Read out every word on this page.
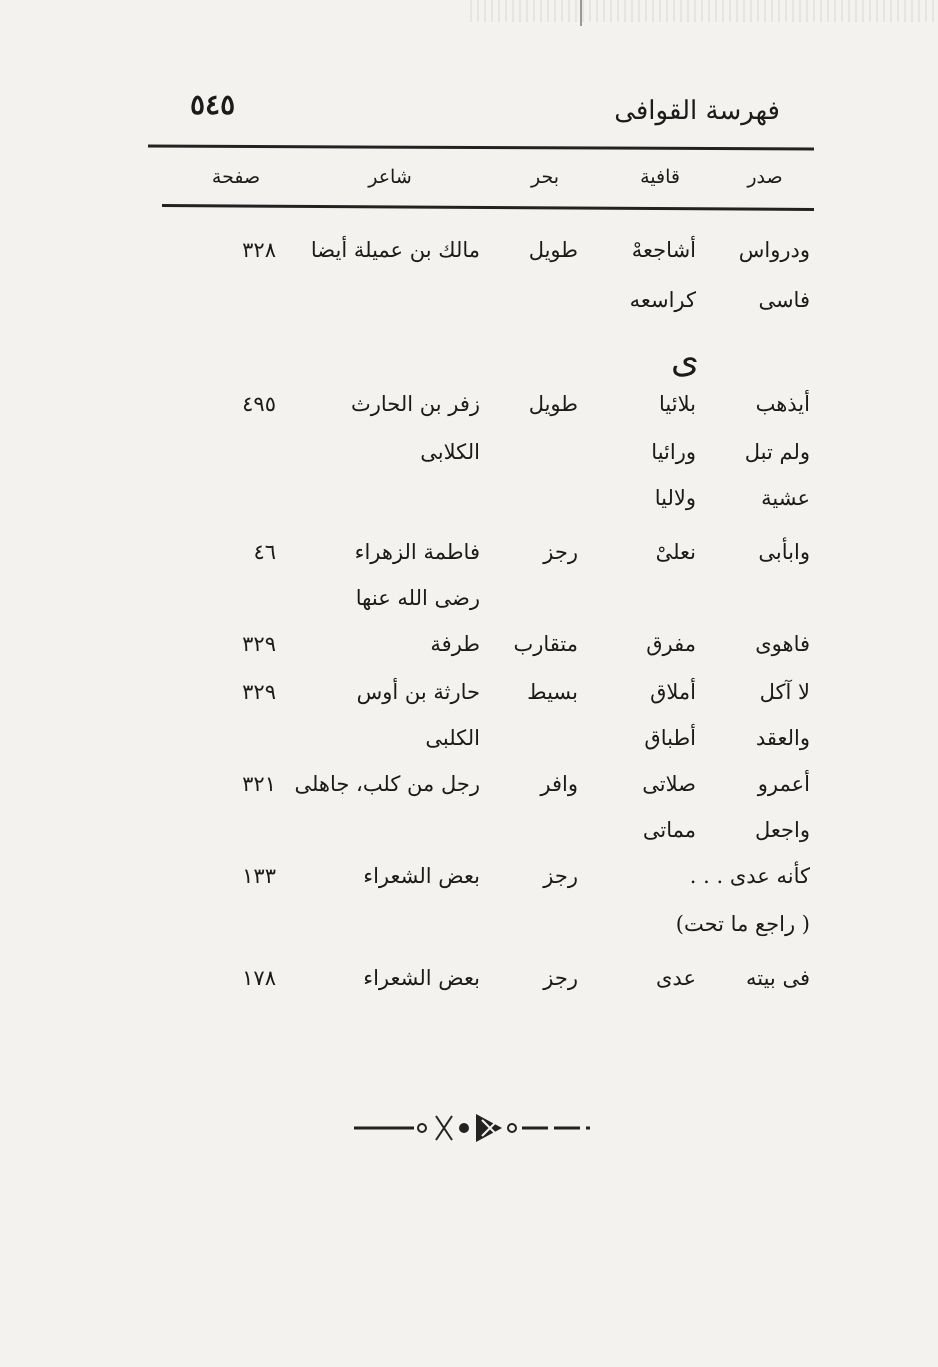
فهرسة القوافى
٥٤٥
صدر
قافية
بحر
شاعر
صفحة
ودرواس
أشاجعهْ
طويل
مالك بن عميلة أيضا
٣٢٨
فاسى
كراسعه
ى
أيذهب
بلائيا
طويل
زفر بن الحارث
٤٩٥
ولم تبل
ورائيا
الكلابى
عشية
ولاليا
وابأبى
نعلىْ
رجز
فاطمة الزهراء
٤٦
رضى الله عنها
فاهوى
مفرق
متقارب
طرفة
٣٢٩
لا آكل
أملاق
بسيط
حارثة بن أوس
٣٢٩
والعقد
أطباق
الكلبى
أعمرو
صلاتى
وافر
رجل من كلب، جاهلى
٣٢١
واجعل
مماتى
كأنه عدى . . .
رجز
بعض الشعراء
١٣٣
( راجع ما تحت)
فى بيته
عدى
رجز
بعض الشعراء
١٧٨
